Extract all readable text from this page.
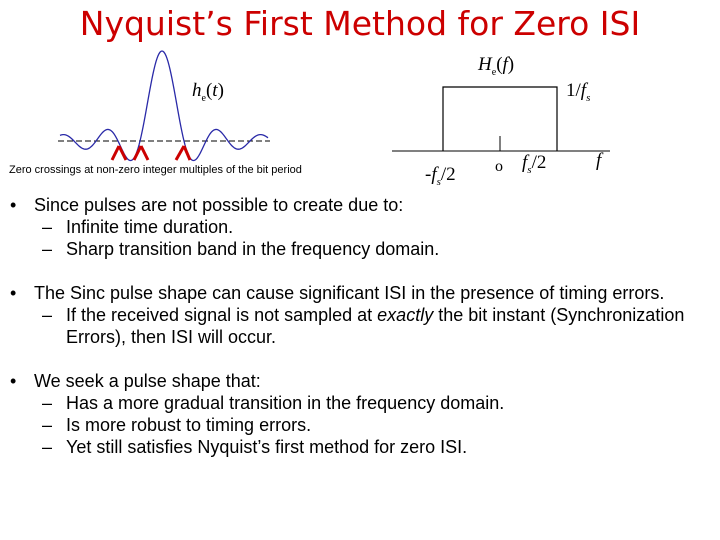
Nyquist’s First Method for Zero ISI
$h_e(t)$
$H_e(f)$
$1/f_s$
$-f_s/2$ o $f_s/2$	f
Zero crossings at non-zero integer multiples of the bit period
• Since pulses are not possible to create due to:
– Infinite time duration.
– Sharp transition band in the frequency domain.
• The Sinc pulse shape can cause significant ISI in the presence of timing errors.
– If the received signal is not sampled at exactly the bit instant (Synchronization Errors), then ISI will occur.
• We seek a pulse shape that:
– Has a more gradual transition in the frequency domain.
– Is more robust to timing errors.
– Yet still satisfies Nyquist’s first method for zero ISI.
